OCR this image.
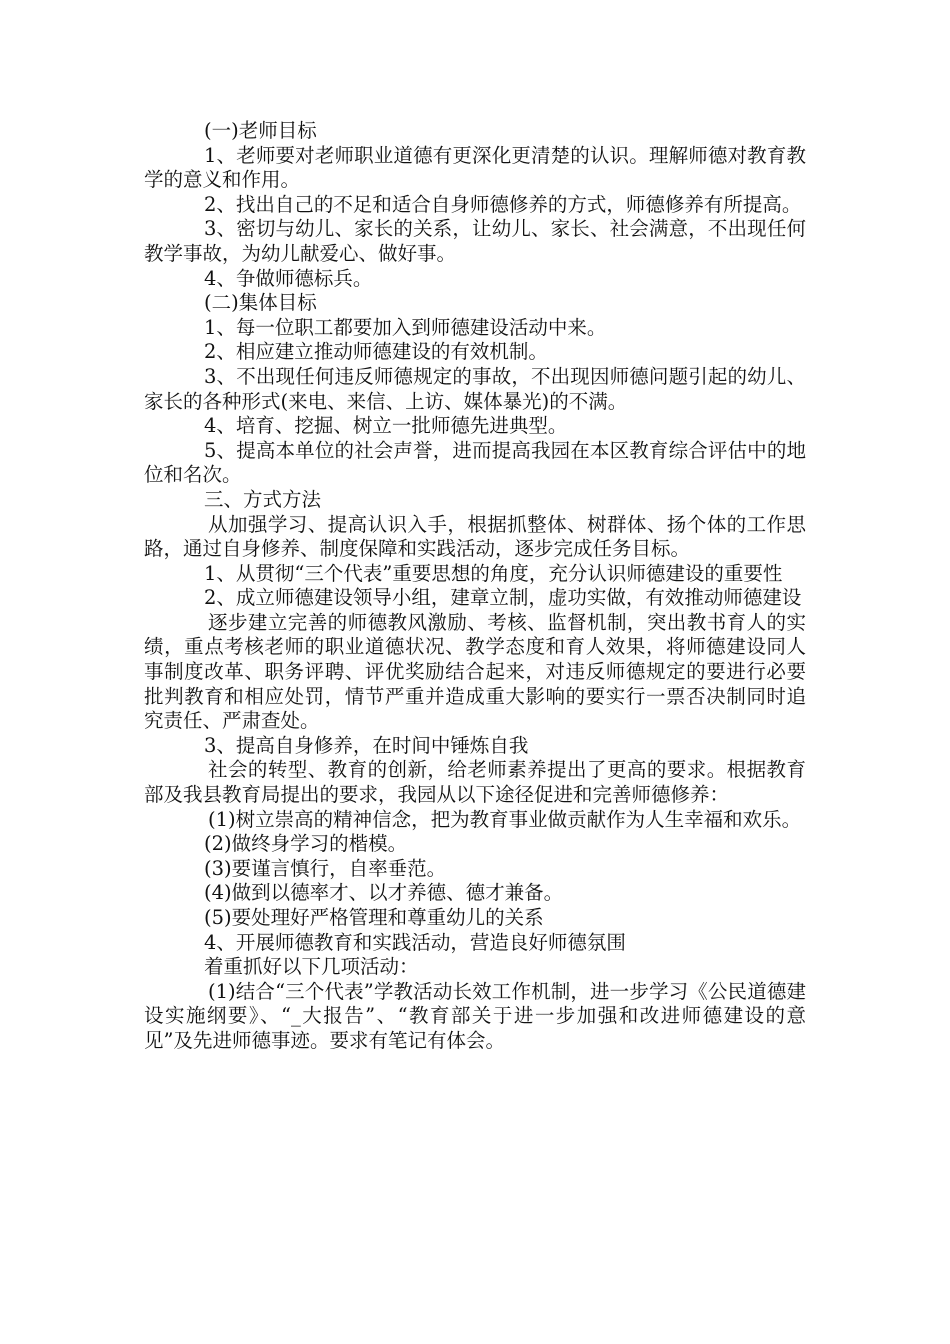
(一)老师目标

1、老师要对老师职业道德有更深化更清楚的认识。理解师德对教育教学的意义和作用。

2、找出自己的不足和适合自身师德修养的方式，师德修养有所提高。

3、密切与幼儿、家长的关系，让幼儿、家长、社会满意，不出现任何教学事故，为幼儿献爱心、做好事。

4、争做师德标兵。

(二)集体目标

1、每一位职工都要加入到师德建设活动中来。

2、相应建立推动师德建设的有效机制。

3、不出现任何违反师德规定的事故，不出现因师德问题引起的幼儿、家长的各种形式(来电、来信、上访、媒体暴光)的不满。

4、培育、挖掘、树立一批师德先进典型。

5、提高本单位的社会声誉，进而提高我园在本区教育综合评估中的地位和名次。

三、方式方法

从加强学习、提高认识入手，根据抓整体、树群体、扬个体的工作思路，通过自身修养、制度保障和实践活动，逐步完成任务目标。

1、从贯彻“三个代表”重要思想的角度，充分认识师德建设的重要性

2、成立师德建设领导小组，建章立制，虚功实做，有效推动师德建设

逐步建立完善的师德教风激励、考核、监督机制，突出教书育人的实绩，重点考核老师的职业道德状况、教学态度和育人效果，将师德建设同人事制度改革、职务评聘、评优奖励结合起来，对违反师德规定的要进行必要批判教育和相应处罚，情节严重并造成重大影响的要实行一票否决制同时追究责任、严肃查处。

3、提高自身修养，在时间中锤炼自我

社会的转型、教育的创新，给老师素养提出了更高的要求。根据教育部及我县教育局提出的要求，我园从以下途径促进和完善师德修养：

(1)树立崇高的精神信念，把为教育事业做贡献作为人生幸福和欢乐。

(2)做终身学习的楷模。

(3)要谨言慎行，自率垂范。

(4)做到以德率才、以才养德、德才兼备。

(5)要处理好严格管理和尊重幼儿的关系

4、开展师德教育和实践活动，营造良好师德氛围

着重抓好以下几项活动：

(1)结合“三个代表”学教活动长效工作机制，进一步学习《公民道德建设实施纲要》、“_大报告”、“教育部关于进一步加强和改进师德建设的意见”及先进师德事迹。要求有笔记有体会。
